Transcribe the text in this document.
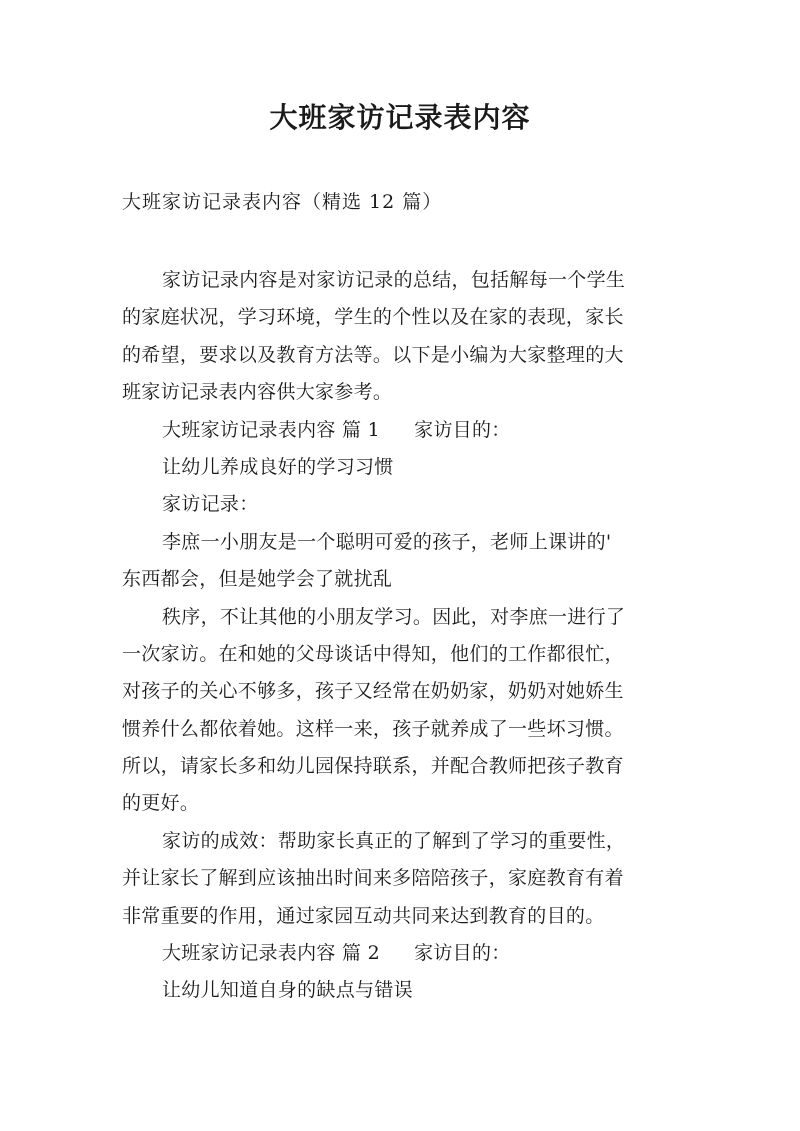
大班家访记录表内容
大班家访记录表内容（精选 12 篇）
家访记录内容是对家访记录的总结，包括解每一个学生
的家庭状况，学习环境，学生的个性以及在家的表现，家长
的希望，要求以及教育方法等。以下是小编为大家整理的大
班家访记录表内容供大家参考。
大班家访记录表内容 篇 1 家访目的：
让幼儿养成良好的学习习惯
家访记录：
李庶一小朋友是一个聪明可爱的孩子，老师上课讲的'
东西都会，但是她学会了就扰乱
秩序，不让其他的小朋友学习。因此，对李庶一进行了
一次家访。在和她的父母谈话中得知，他们的工作都很忙，
对孩子的关心不够多，孩子又经常在奶奶家，奶奶对她娇生
惯养什么都依着她。这样一来，孩子就养成了一些坏习惯。
所以，请家长多和幼儿园保持联系，并配合教师把孩子教育
的更好。
家访的成效：帮助家长真正的了解到了学习的重要性，
并让家长了解到应该抽出时间来多陪陪孩子，家庭教育有着
非常重要的作用，通过家园互动共同来达到教育的目的。
大班家访记录表内容 篇 2 家访目的：
让幼儿知道自身的缺点与错误
